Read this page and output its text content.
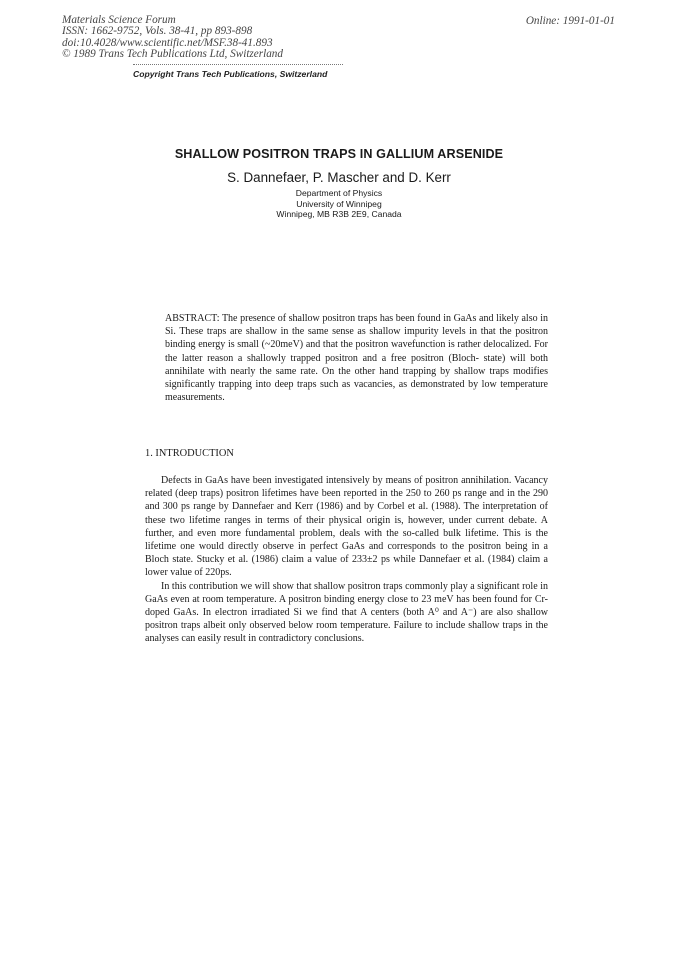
Materials Science Forum
ISSN: 1662-9752, Vols. 38-41, pp 893-898
doi:10.4028/www.scientific.net/MSF.38-41.893
© 1989 Trans Tech Publications Ltd, Switzerland
Online: 1991-01-01
Copyright Trans Tech Publications, Switzerland
SHALLOW POSITRON TRAPS IN GALLIUM ARSENIDE
S. Dannefaer, P. Mascher and D. Kerr
Department of Physics
University of Winnipeg
Winnipeg, MB R3B 2E9, Canada
ABSTRACT: The presence of shallow positron traps has been found in GaAs and likely also in Si. These traps are shallow in the same sense as shallow impurity levels in that the positron binding energy is small (~20meV) and that the positron wavefunction is rather delocalized. For the latter reason a shallowly trapped positron and a free positron (Bloch- state) will both annihilate with nearly the same rate. On the other hand trapping by shallow traps modifies significantly trapping into deep traps such as vacancies, as demonstrated by low temperature measurements.
1. INTRODUCTION

Defects in GaAs have been investigated intensively by means of positron annihilation. Vacancy related (deep traps) positron lifetimes have been reported in the 250 to 260 ps range and in the 290 and 300 ps range by Dannefaer and Kerr (1986) and by Corbel et al. (1988). The interpretation of these two lifetime ranges in terms of their physical origin is, however, under current debate. A further, and even more fundamental problem, deals with the so-called bulk lifetime. This is the lifetime one would directly observe in perfect GaAs and corresponds to the positron being in a Bloch state. Stucky et al. (1986) claim a value of 233±2 ps while Dannefaer et al. (1984) claim a lower value of 220ps.

In this contribution we will show that shallow positron traps commonly play a significant role in GaAs even at room temperature. A positron binding energy close to 23 meV has been found for Cr-doped GaAs. In electron irradiated Si we find that A centers (both A⁰ and A⁻) are also shallow positron traps albeit only observed below room temperature. Failure to include shallow traps in the analyses can easily result in contradictory conclusions.
